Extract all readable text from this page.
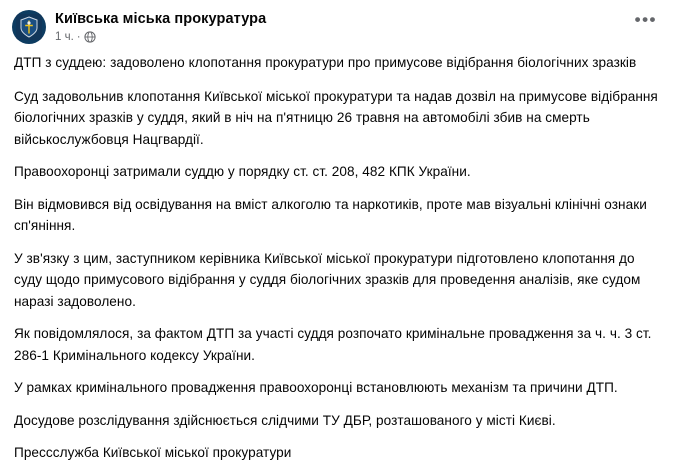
Київська міська прокуратура
1 ч. ·
•••

ДТП з суддею: задоволено клопотання прокуратури про примусове відібрання біологічних зразків

Суд задовольнив клопотання Київської міської прокуратури та надав дозвіл на примусове відібрання біологічних зразків у суддя, який в ніч на п'ятницю 26 травня на автомобілі збив на смерть військослужбовця Нацгвардії.

Правоохоронці затримали суддю у порядку ст. ст. 208, 482 КПК України.

Він відмовився від освідування на вміст алкоголю та наркотиків, проте мав візуальні клінічні ознаки сп'яніння.

У зв'язку з цим, заступником керівника Київської міської прокуратури підготовлено клопотання до суду щодо примусового відібрання у суддя біологічних зразків для проведення аналізів, яке судом наразі задоволено.

Як повідомлялося, за фактом ДТП за участі суддя розпочато кримінальне провадження за ч. ч. 3 ст. 286-1 Кримінального кодексу України.

У рамках кримінального провадження правоохоронці встановлюють механізм та причини ДТП.

Досудове розслідування здійснюється слідчими ТУ ДБР, розташованого у місті Києві.

Прессслужба Київської міської прокуратури
